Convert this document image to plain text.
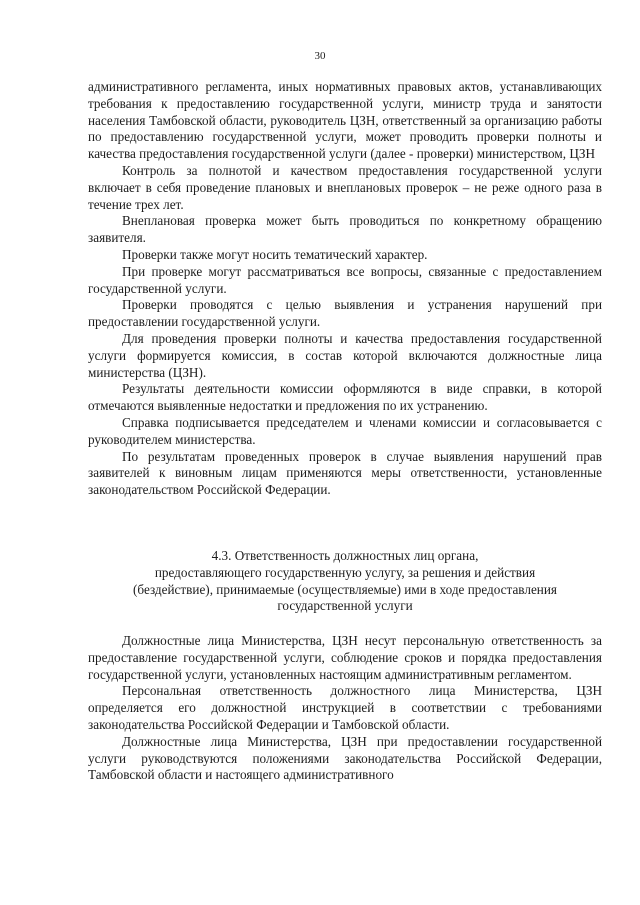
30

административного регламента, иных нормативных правовых актов, устанавливающих требования к предоставлению государственной услуги, министр труда и занятости населения Тамбовской области, руководитель ЦЗН, ответственный за организацию работы по предоставлению государственной услуги, может проводить проверки полноты и качества предоставления государственной услуги (далее - проверки) министерством, ЦЗН

Контроль за полнотой и качеством предоставления государственной услуги включает в себя проведение плановых и внеплановых проверок – не реже одного раза в течение трех лет.

Внеплановая проверка может быть проводиться по конкретному обращению заявителя.

Проверки также могут носить тематический характер.

При проверке могут рассматриваться все вопросы, связанные с предоставлением государственной услуги.

Проверки проводятся с целью выявления и устранения нарушений при предоставлении государственной услуги.

Для проведения проверки полноты и качества предоставления государственной услуги формируется комиссия, в состав которой включаются должностные лица министерства (ЦЗН).

Результаты деятельности комиссии оформляются в виде справки, в которой отмечаются выявленные недостатки и предложения по их устранению.

Справка подписывается председателем и членами комиссии и согласовывается с руководителем министерства.

По результатам проведенных проверок в случае выявления нарушений прав заявителей к виновным лицам применяются меры ответственности, установленные законодательством Российской Федерации.

4.3. Ответственность должностных лиц органа,

предоставляющего государственную услугу, за решения и действия

(бездействие), принимаемые (осуществляемые) ими в ходе предоставления

государственной услуги

Должностные лица Министерства, ЦЗН несут персональную ответственность за предоставление государственной услуги, соблюдение сроков и порядка предоставления государственной услуги, установленных настоящим административным регламентом.

Персональная ответственность должностного лица Министерства, ЦЗН определяется его должностной инструкцией в соответствии с требованиями законодательства Российской Федерации и Тамбовской области.

Должностные лица Министерства, ЦЗН при предоставлении государственной услуги руководствуются положениями законодательства Российской Федерации, Тамбовской области и настоящего административного
